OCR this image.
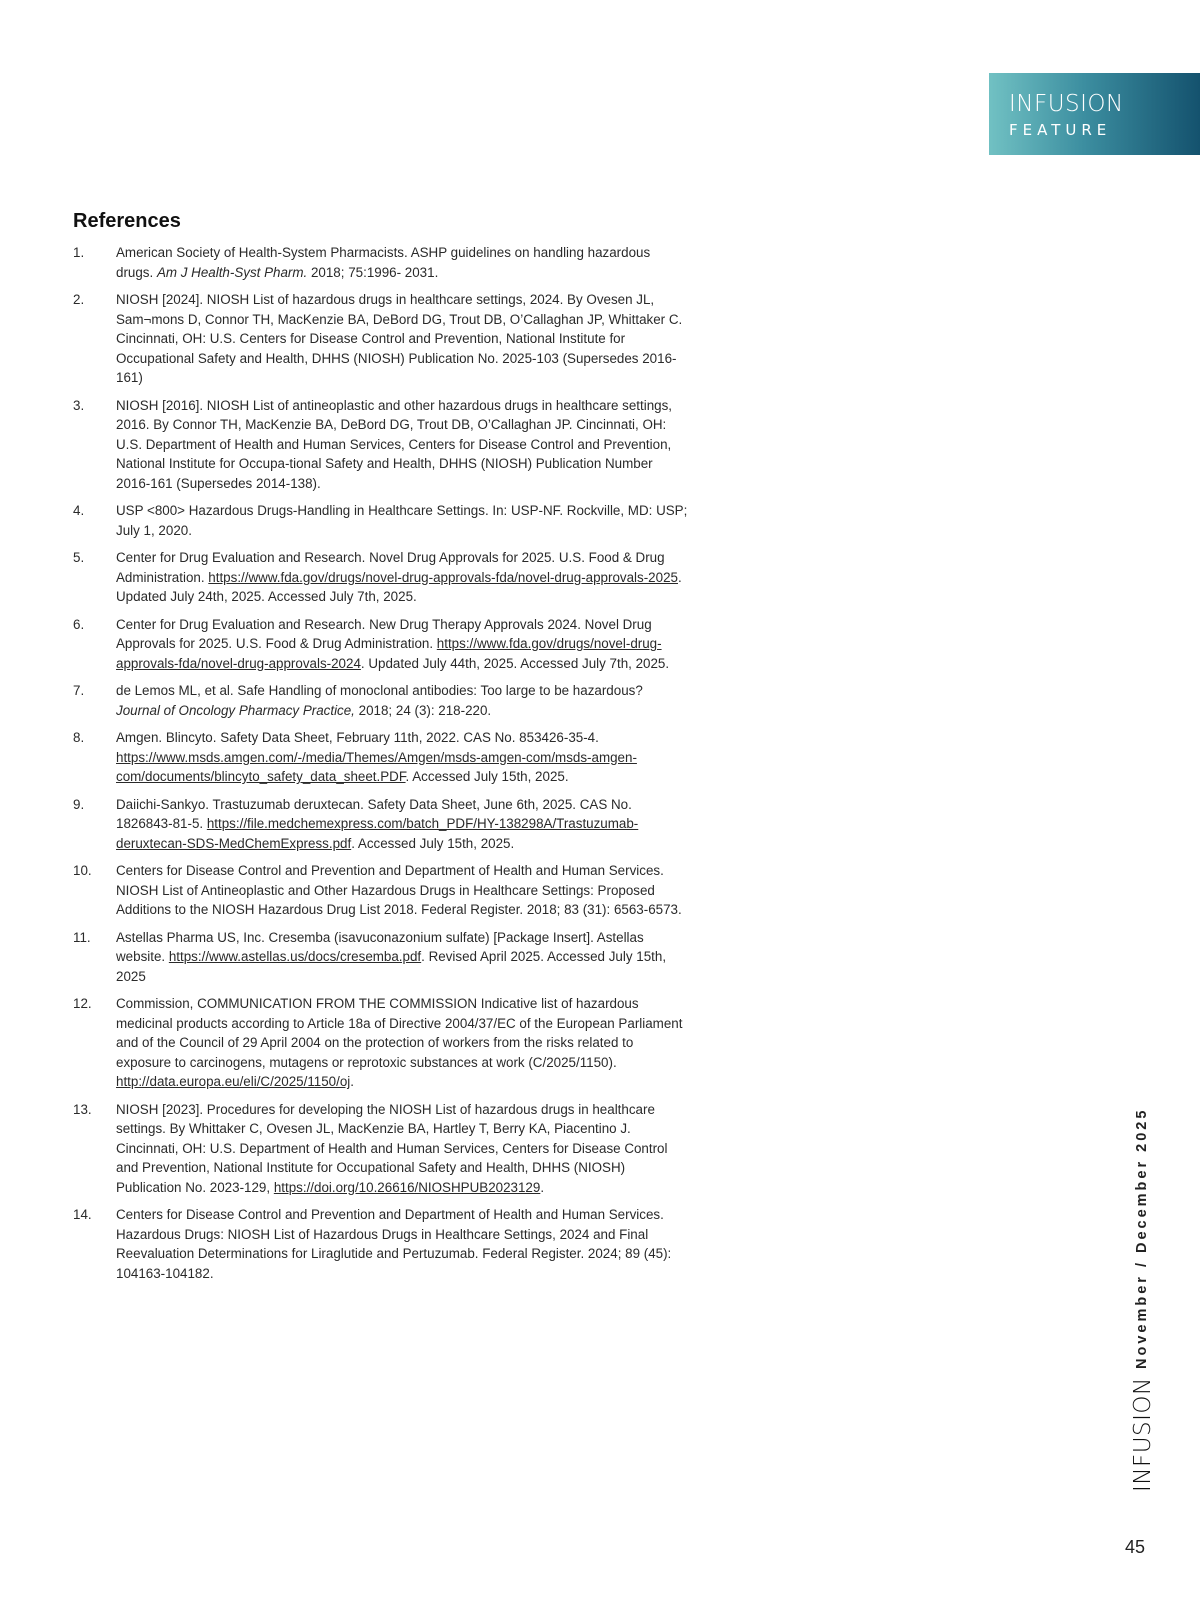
INFUSION
FEATURE
References
1.	American Society of Health-System Pharmacists. ASHP guidelines on handling hazardous drugs. Am J Health-Syst Pharm. 2018; 75:1996- 2031.
2.	NIOSH [2024]. NIOSH List of hazardous drugs in healthcare settings, 2024. By Ovesen JL, Sam¬mons D, Connor TH, MacKenzie BA, DeBord DG, Trout DB, O’Callaghan JP, Whittaker C. Cincinnati, OH: U.S. Centers for Disease Control and Prevention, National Institute for Occupational Safety and Health, DHHS (NIOSH) Publication No. 2025-103 (Supersedes 2016-161)
3.	NIOSH [2016]. NIOSH List of antineoplastic and other hazardous drugs in healthcare settings, 2016. By Connor TH, MacKenzie BA, DeBord DG, Trout DB, O’Callaghan JP. Cincinnati, OH: U.S. Department of Health and Human Services, Centers for Disease Control and Prevention, National Institute for Occupa-tional Safety and Health, DHHS (NIOSH) Publication Number 2016-161 (Supersedes 2014-138).
4.	USP <800> Hazardous Drugs-Handling in Healthcare Settings. In: USP-NF. Rockville, MD: USP; July 1, 2020.
5.	Center for Drug Evaluation and Research. Novel Drug Approvals for 2025. U.S. Food & Drug Administration. https://www.fda.gov/drugs/novel-drug-approvals-fda/novel-drug-approvals-2025. Updated July 24th, 2025. Accessed July 7th, 2025.
6.	Center for Drug Evaluation and Research. New Drug Therapy Approvals 2024. Novel Drug Approvals for 2025. U.S. Food & Drug Administration. https://www.fda.gov/drugs/novel-drug-approvals-fda/novel-drug-approvals-2024. Updated July 44th, 2025. Accessed July 7th, 2025.
7.	de Lemos ML, et al. Safe Handling of monoclonal antibodies: Too large to be hazardous? Journal of Oncology Pharmacy Practice, 2018; 24 (3): 218-220.
8.	Amgen. Blincyto. Safety Data Sheet, February 11th, 2022. CAS No. 853426-35-4. https://www.msds.amgen.com/-/media/Themes/Amgen/msds-amgen-com/msds-amgen-com/documents/blincyto_safety_data_sheet.PDF. Accessed July 15th, 2025.
9.	Daiichi-Sankyo. Trastuzumab deruxtecan. Safety Data Sheet, June 6th, 2025. CAS No. 1826843-81-5. https://file.medchemexpress.com/batch_PDF/HY-138298A/Trastuzumab-deruxtecan-SDS-MedChemExpress.pdf. Accessed July 15th, 2025.
10.	Centers for Disease Control and Prevention and Department of Health and Human Services. NIOSH List of Antineoplastic and Other Hazardous Drugs in Healthcare Settings: Proposed Additions to the NIOSH Hazardous Drug List 2018. Federal Register. 2018; 83 (31): 6563-6573.
11.	Astellas Pharma US, Inc. Cresemba (isavuconazonium sulfate) [Package Insert]. Astellas website. https://www.astellas.us/docs/cresemba.pdf. Revised April 2025. Accessed July 15th, 2025
12.	Commission, COMMUNICATION FROM THE COMMISSION Indicative list of hazardous medicinal products according to Article 18a of Directive 2004/37/EC of the European Parliament and of the Council of 29 April 2004 on the protection of workers from the risks related to exposure to carcinogens, mutagens or reprotoxic substances at work (C/2025/1150). http://data.europa.eu/eli/C/2025/1150/oj.
13.	NIOSH [2023]. Procedures for developing the NIOSH List of hazardous drugs in healthcare settings. By Whittaker C, Ovesen JL, MacKenzie BA, Hartley T, Berry KA, Piacentino J. Cincinnati, OH: U.S. Department of Health and Human Services, Centers for Disease Control and Prevention, National Institute for Occupational Safety and Health, DHHS (NIOSH) Publication No. 2023-129, https://doi.org/10.26616/NIOSHPUB2023129.
14.	Centers for Disease Control and Prevention and Department of Health and Human Services. Hazardous Drugs: NIOSH List of Hazardous Drugs in Healthcare Settings, 2024 and Final Reevaluation Determinations for Liraglutide and Pertuzumab. Federal Register. 2024; 89 (45): 104163-104182.	November / December 2025
INFUSION
45
